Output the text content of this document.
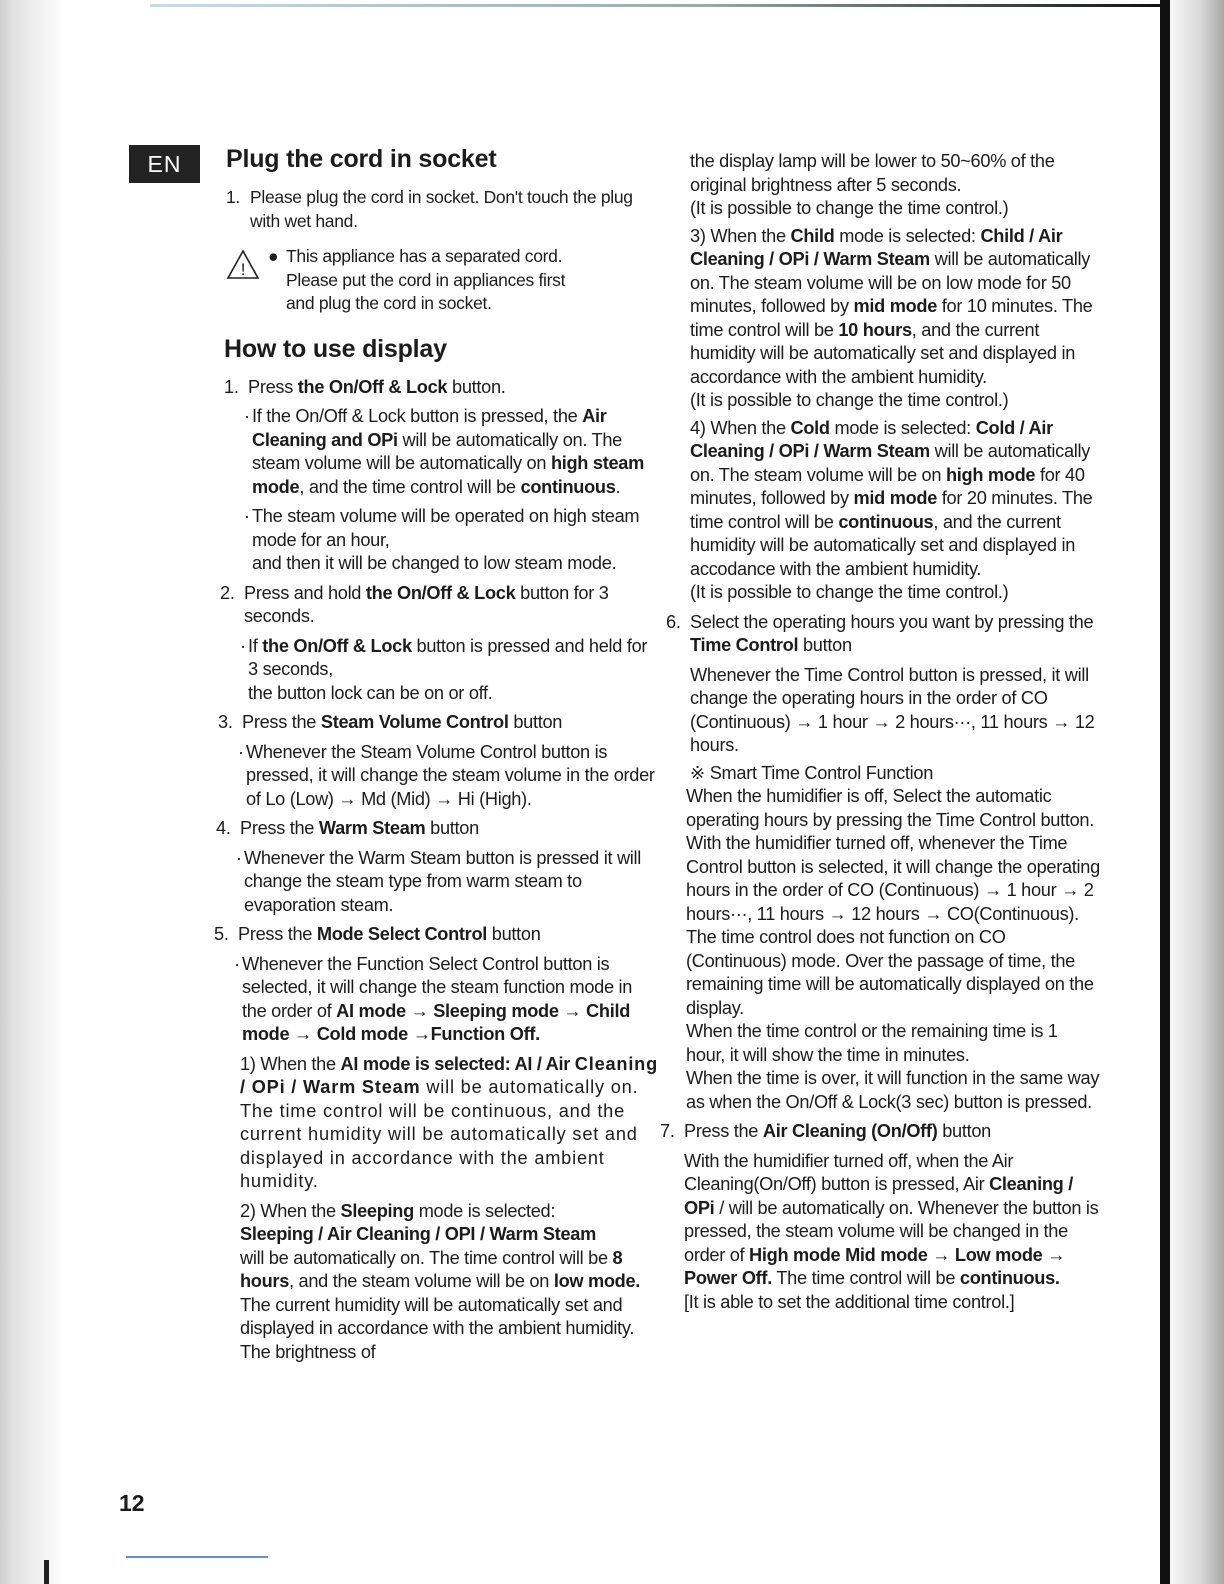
EN
12
Plug the cord in socket
1. Please plug the cord in socket. Don't touch the plug with wet hand.
!
● This appliance has a separated cord.
Please put the cord in appliances first
and plug the cord in socket.
How to use display
1. Press the On/Off & Lock button.
· If the On/Off & Lock button is pressed, the Air Cleaning and OPi will be automatically on. The steam volume will be automatically on high steam mode, and the time control will be continuous.
· The steam volume will be operated on high steam mode for an hour,
and then it will be changed to low steam mode.
2. Press and hold the On/Off & Lock button for 3 seconds.
· If the On/Off & Lock button is pressed and held for 3 seconds,
the button lock can be on or off.
3. Press the Steam Volume Control button
· Whenever the Steam Volume Control button is pressed, it will change the steam volume in the order of Lo (Low) → Md (Mid) → Hi (High).
4. Press the Warm Steam button
· Whenever the Warm Steam button is pressed it will change the steam type from warm steam to evaporation steam.
5. Press the Mode Select Control button
· Whenever the Function Select Control button is selected, it will change the steam function mode in the order of AI mode → Sleeping mode → Child mode → Cold mode →Function Off.
1) When the AI mode is selected: AI / Air Cleaning / OPi / Warm Steam will be automatically on. The time control will be continuous, and the current humidity will be automatically set and displayed in accordance with the ambient humidity.
2) When the Sleeping mode is selected:
Sleeping / Air Cleaning / OPI / Warm Steam
will be automatically on. The time control will be 8 hours, and the steam volume will be on low mode. The current humidity will be automatically set and displayed in accordance with the ambient humidity. The brightness of
the display lamp will be lower to 50~60% of the original brightness after 5 seconds.
(It is possible to change the time control.)
3) When the Child mode is selected: Child / Air Cleaning / OPi / Warm Steam will be automatically on. The steam volume will be on low mode for 50 minutes, followed by mid mode for 10 minutes. The time control will be 10 hours, and the current humidity will be automatically set and displayed in accordance with the ambient humidity.
(It is possible to change the time control.)
4) When the Cold mode is selected: Cold / Air Cleaning / OPi / Warm Steam will be automatically on. The steam volume will be on high mode for 40 minutes, followed by mid mode for 20 minutes. The time control will be continuous, and the current humidity will be automatically set and displayed in accodance with the ambient humidity.
(It is possible to change the time control.)
6. Select the operating hours you want by pressing the Time Control button
Whenever the Time Control button is pressed, it will change the operating hours in the order of CO (Continuous) → 1 hour → 2 hours···, 11 hours → 12 hours.
※ Smart Time Control Function
When the humidifier is off, Select the automatic operating hours by pressing the Time Control button.
With the humidifier turned off, whenever the Time Control button is selected, it will change the operating hours in the order of CO (Continuous) → 1 hour → 2 hours···, 11 hours → 12 hours → CO(Continuous). The time control does not function on CO (Continuous) mode. Over the passage of time, the remaining time will be automatically displayed on the display.
When the time control or the remaining time is 1 hour, it will show the time in minutes.
When the time is over, it will function in the same way as when the On/Off & Lock(3 sec) button is pressed.
7. Press the Air Cleaning (On/Off) button
With the humidifier turned off, when the Air Cleaning(On/Off) button is pressed, Air Cleaning / OPi / will be automatically on. Whenever the button is pressed, the steam volume will be changed in the order of High mode Mid mode → Low mode → Power Off. The time control will be continuous.
[It is able to set the additional time control.]
